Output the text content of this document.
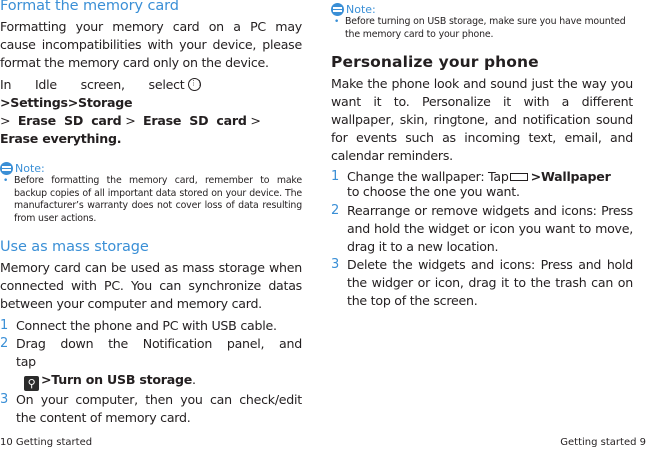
Format the memory card

Formatting your memory card on a PC may cause incompatibilities with your device, please format the memory card only on the device.

In Idle screen, select⋮⋮>Settings>Storage
> Erase SD card > Erase SD card >
Erase everything.

Note:
• Before formatting the memory card, remember to make backup copies of all important data stored on your device. The manufacturer’s warranty does not cover loss of data resulting from user actions.
Use as mass storage

Memory card can be used as mass storage when connected with PC. You can synchronize datas between your computer and memory card.

1 Connect the phone and PC with USB cable.
2 Drag down the Notification panel, and tap
⚲ >Turn on USB storage.
3 On your computer, then you can check/edit the content of memory card.
10 Getting started
Note:
• Before turning on USB storage, make sure you have mounted the memory card to your phone.
Personalize your phone

Make the phone look and sound just the way you want it to. Personalize it with a different wallpaper, skin, ringtone, and notification sound for events such as incoming text, email, and calendar reminders.

1 Change the wallpaper: Tap >Wallpaper
to choose the one you want.
2 Rearrange or remove widgets and icons: Press and hold the widget or icon you want to move, drag it to a new location.
3 Delete the widgets and icons: Press and hold the widger or icon, drag it to the trash can on the top of the screen.
Getting started 9
